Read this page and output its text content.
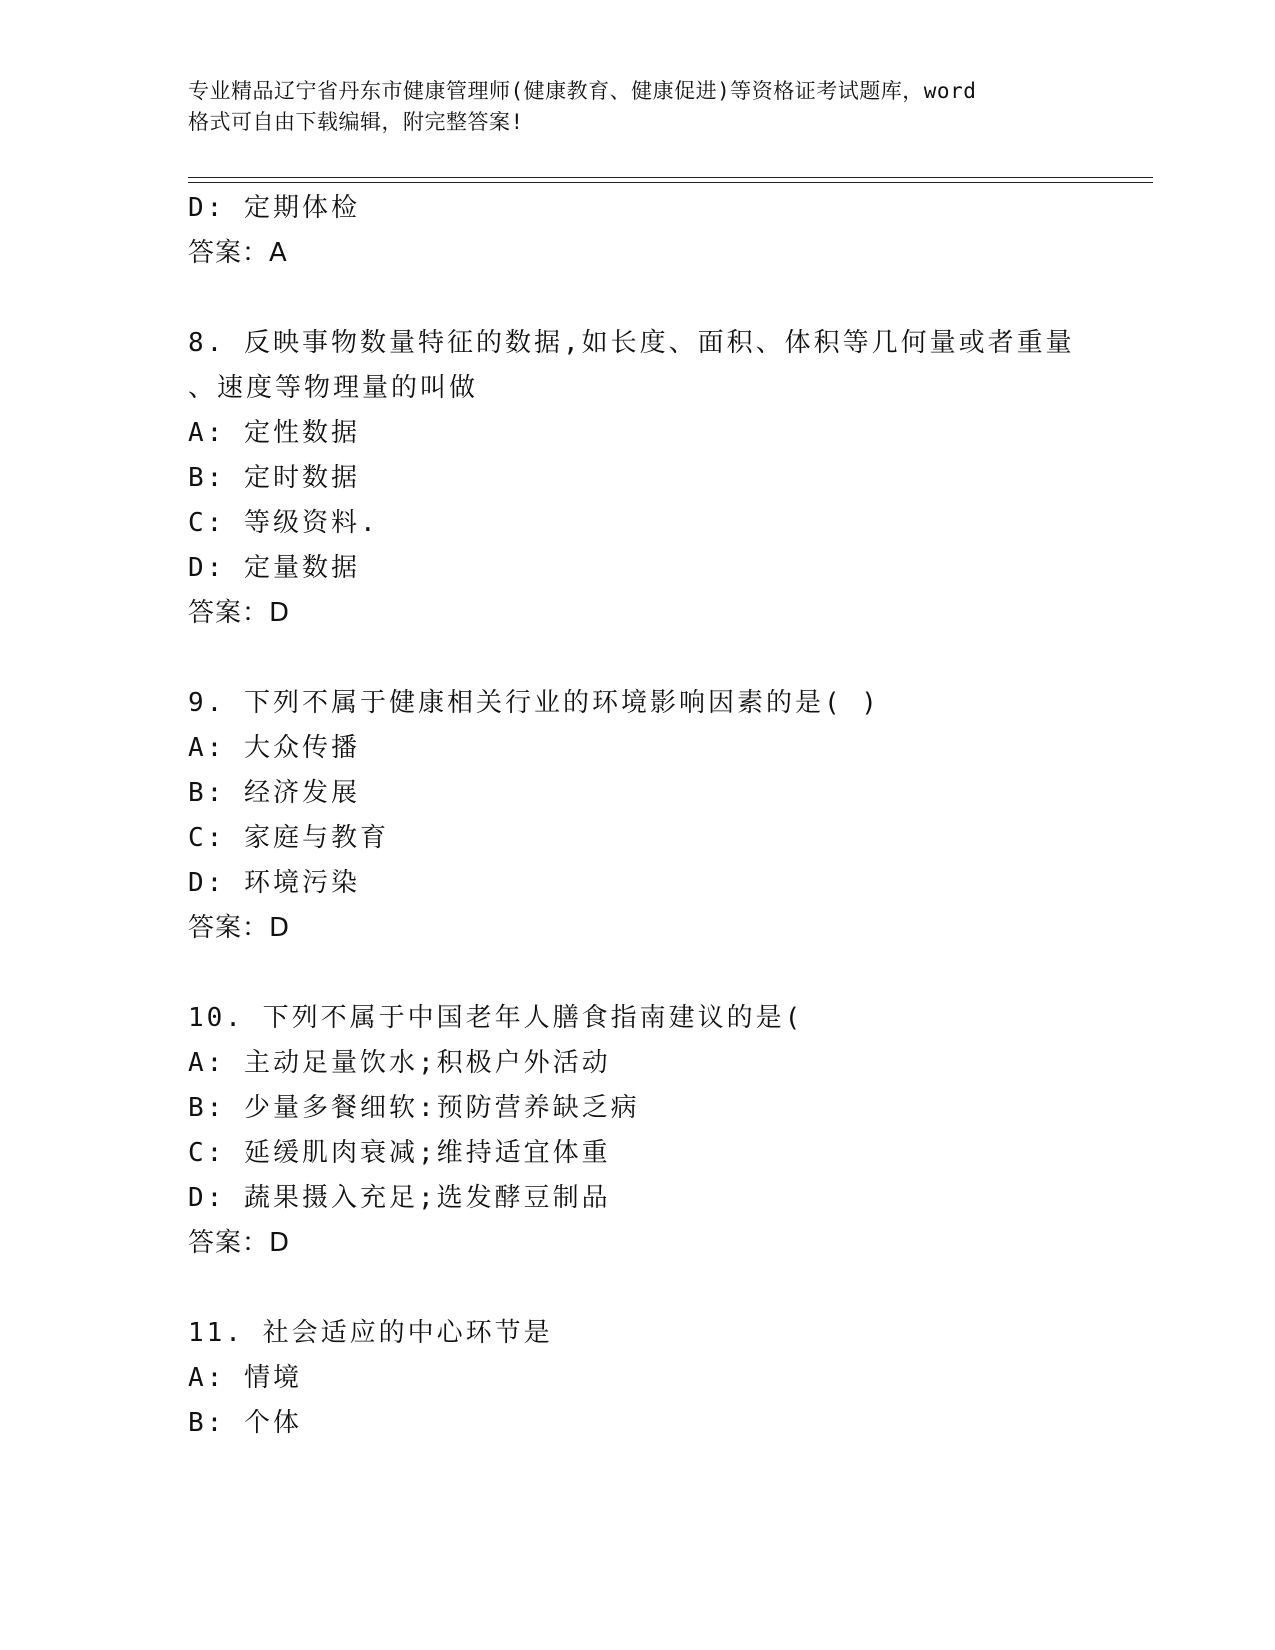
专业精品辽宁省丹东市健康管理师(健康教育、健康促进)等资格证考试题库，word
格式可自由下载编辑，附完整答案!
D: 定期体检
答案：A
8. 反映事物数量特征的数据,如长度、面积、体积等几何量或者重量
、速度等物理量的叫做
A: 定性数据
B: 定时数据
C: 等级资料.
D: 定量数据
答案：D
9. 下列不属于健康相关行业的环境影响因素的是( )
A: 大众传播
B: 经济发展
C: 家庭与教育
D: 环境污染
答案：D
10. 下列不属于中国老年人膳食指南建议的是(
A: 主动足量饮水;积极户外活动
B: 少量多餐细软:预防营养缺乏病
C: 延缓肌肉衰减;维持适宜体重
D: 蔬果摄入充足;选发酵豆制品
答案：D
11. 社会适应的中心环节是
A: 情境
B: 个体
